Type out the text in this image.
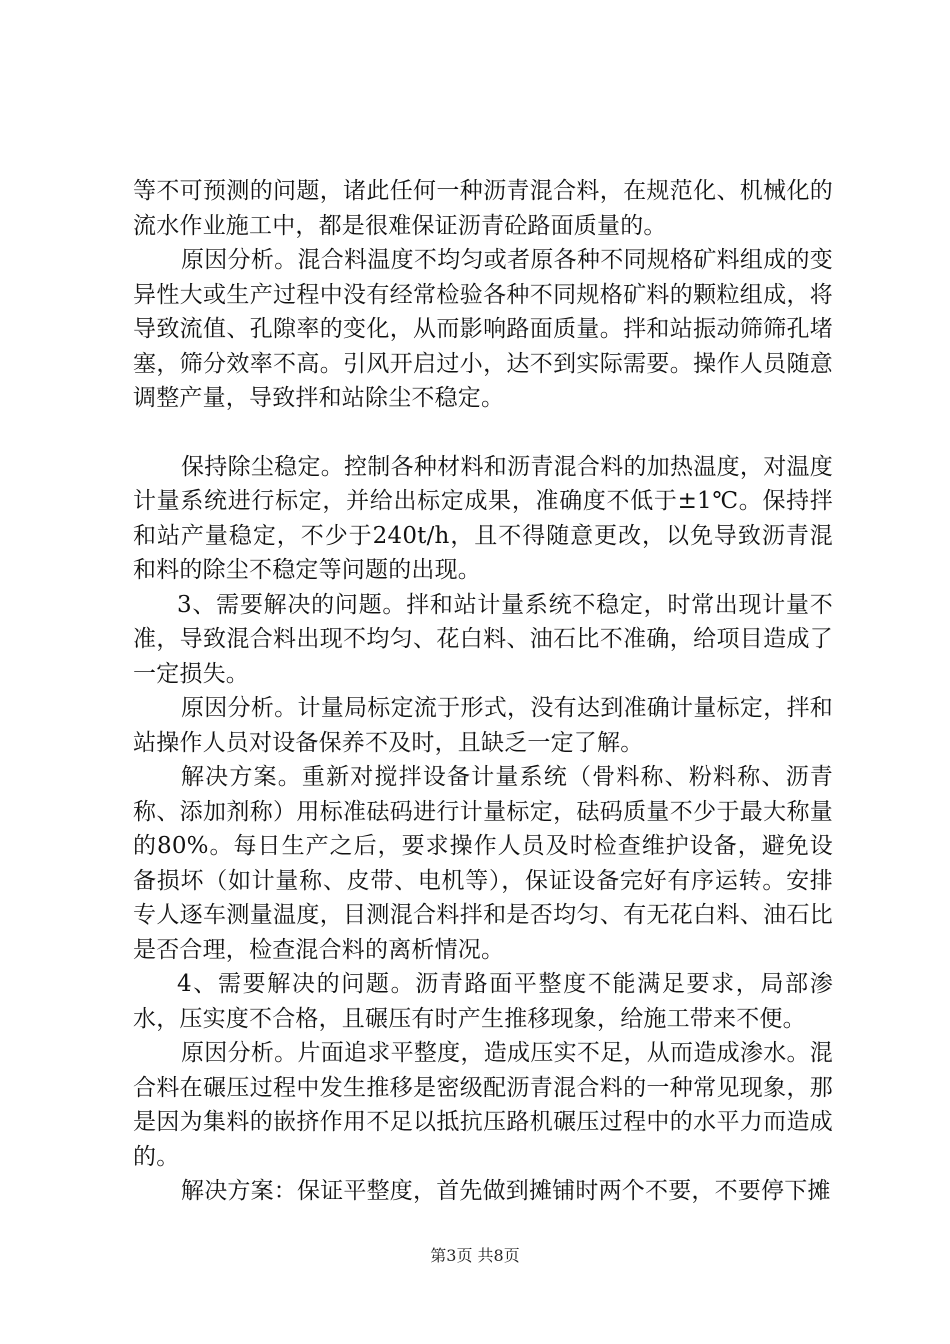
等不可预测的问题，诸此任何一种沥青混合料，在规范化、机械化的流水作业施工中，都是很难保证沥青砼路面质量的。

原因分析。混合料温度不均匀或者原各种不同规格矿料组成的变异性大或生产过程中没有经常检验各种不同规格矿料的颗粒组成，将导致流值、孔隙率的变化，从而影响路面质量。拌和站振动筛筛孔堵塞，筛分效率不高。引风开启过小，达不到实际需要。操作人员随意调整产量，导致拌和站除尘不稳定。

保持除尘稳定。控制各种材料和沥青混合料的加热温度，对温度计量系统进行标定，并给出标定成果，准确度不低于±1℃。保持拌和站产量稳定，不少于240t/h，且不得随意更改，以免导致沥青混和料的除尘不稳定等问题的出现。

3、需要解决的问题。拌和站计量系统不稳定，时常出现计量不准，导致混合料出现不均匀、花白料、油石比不准确，给项目造成了一定损失。

原因分析。计量局标定流于形式，没有达到准确计量标定，拌和站操作人员对设备保养不及时，且缺乏一定了解。

解决方案。重新对搅拌设备计量系统（骨料称、粉料称、沥青称、添加剂称）用标准砝码进行计量标定，砝码质量不少于最大称量的80%。每日生产之后，要求操作人员及时检查维护设备，避免设备损坏（如计量称、皮带、电机等），保证设备完好有序运转。安排专人逐车测量温度，目测混合料拌和是否均匀、有无花白料、油石比是否合理，检查混合料的离析情况。

4、需要解决的问题。沥青路面平整度不能满足要求，局部渗水，压实度不合格，且碾压有时产生推移现象，给施工带来不便。

原因分析。片面追求平整度，造成压实不足，从而造成渗水。混合料在碾压过程中发生推移是密级配沥青混合料的一种常见现象，那是因为集料的嵌挤作用不足以抵抗压路机碾压过程中的水平力而造成的。

解决方案：保证平整度，首先做到摊铺时两个不要，不要停下摊

第3页 共8页
